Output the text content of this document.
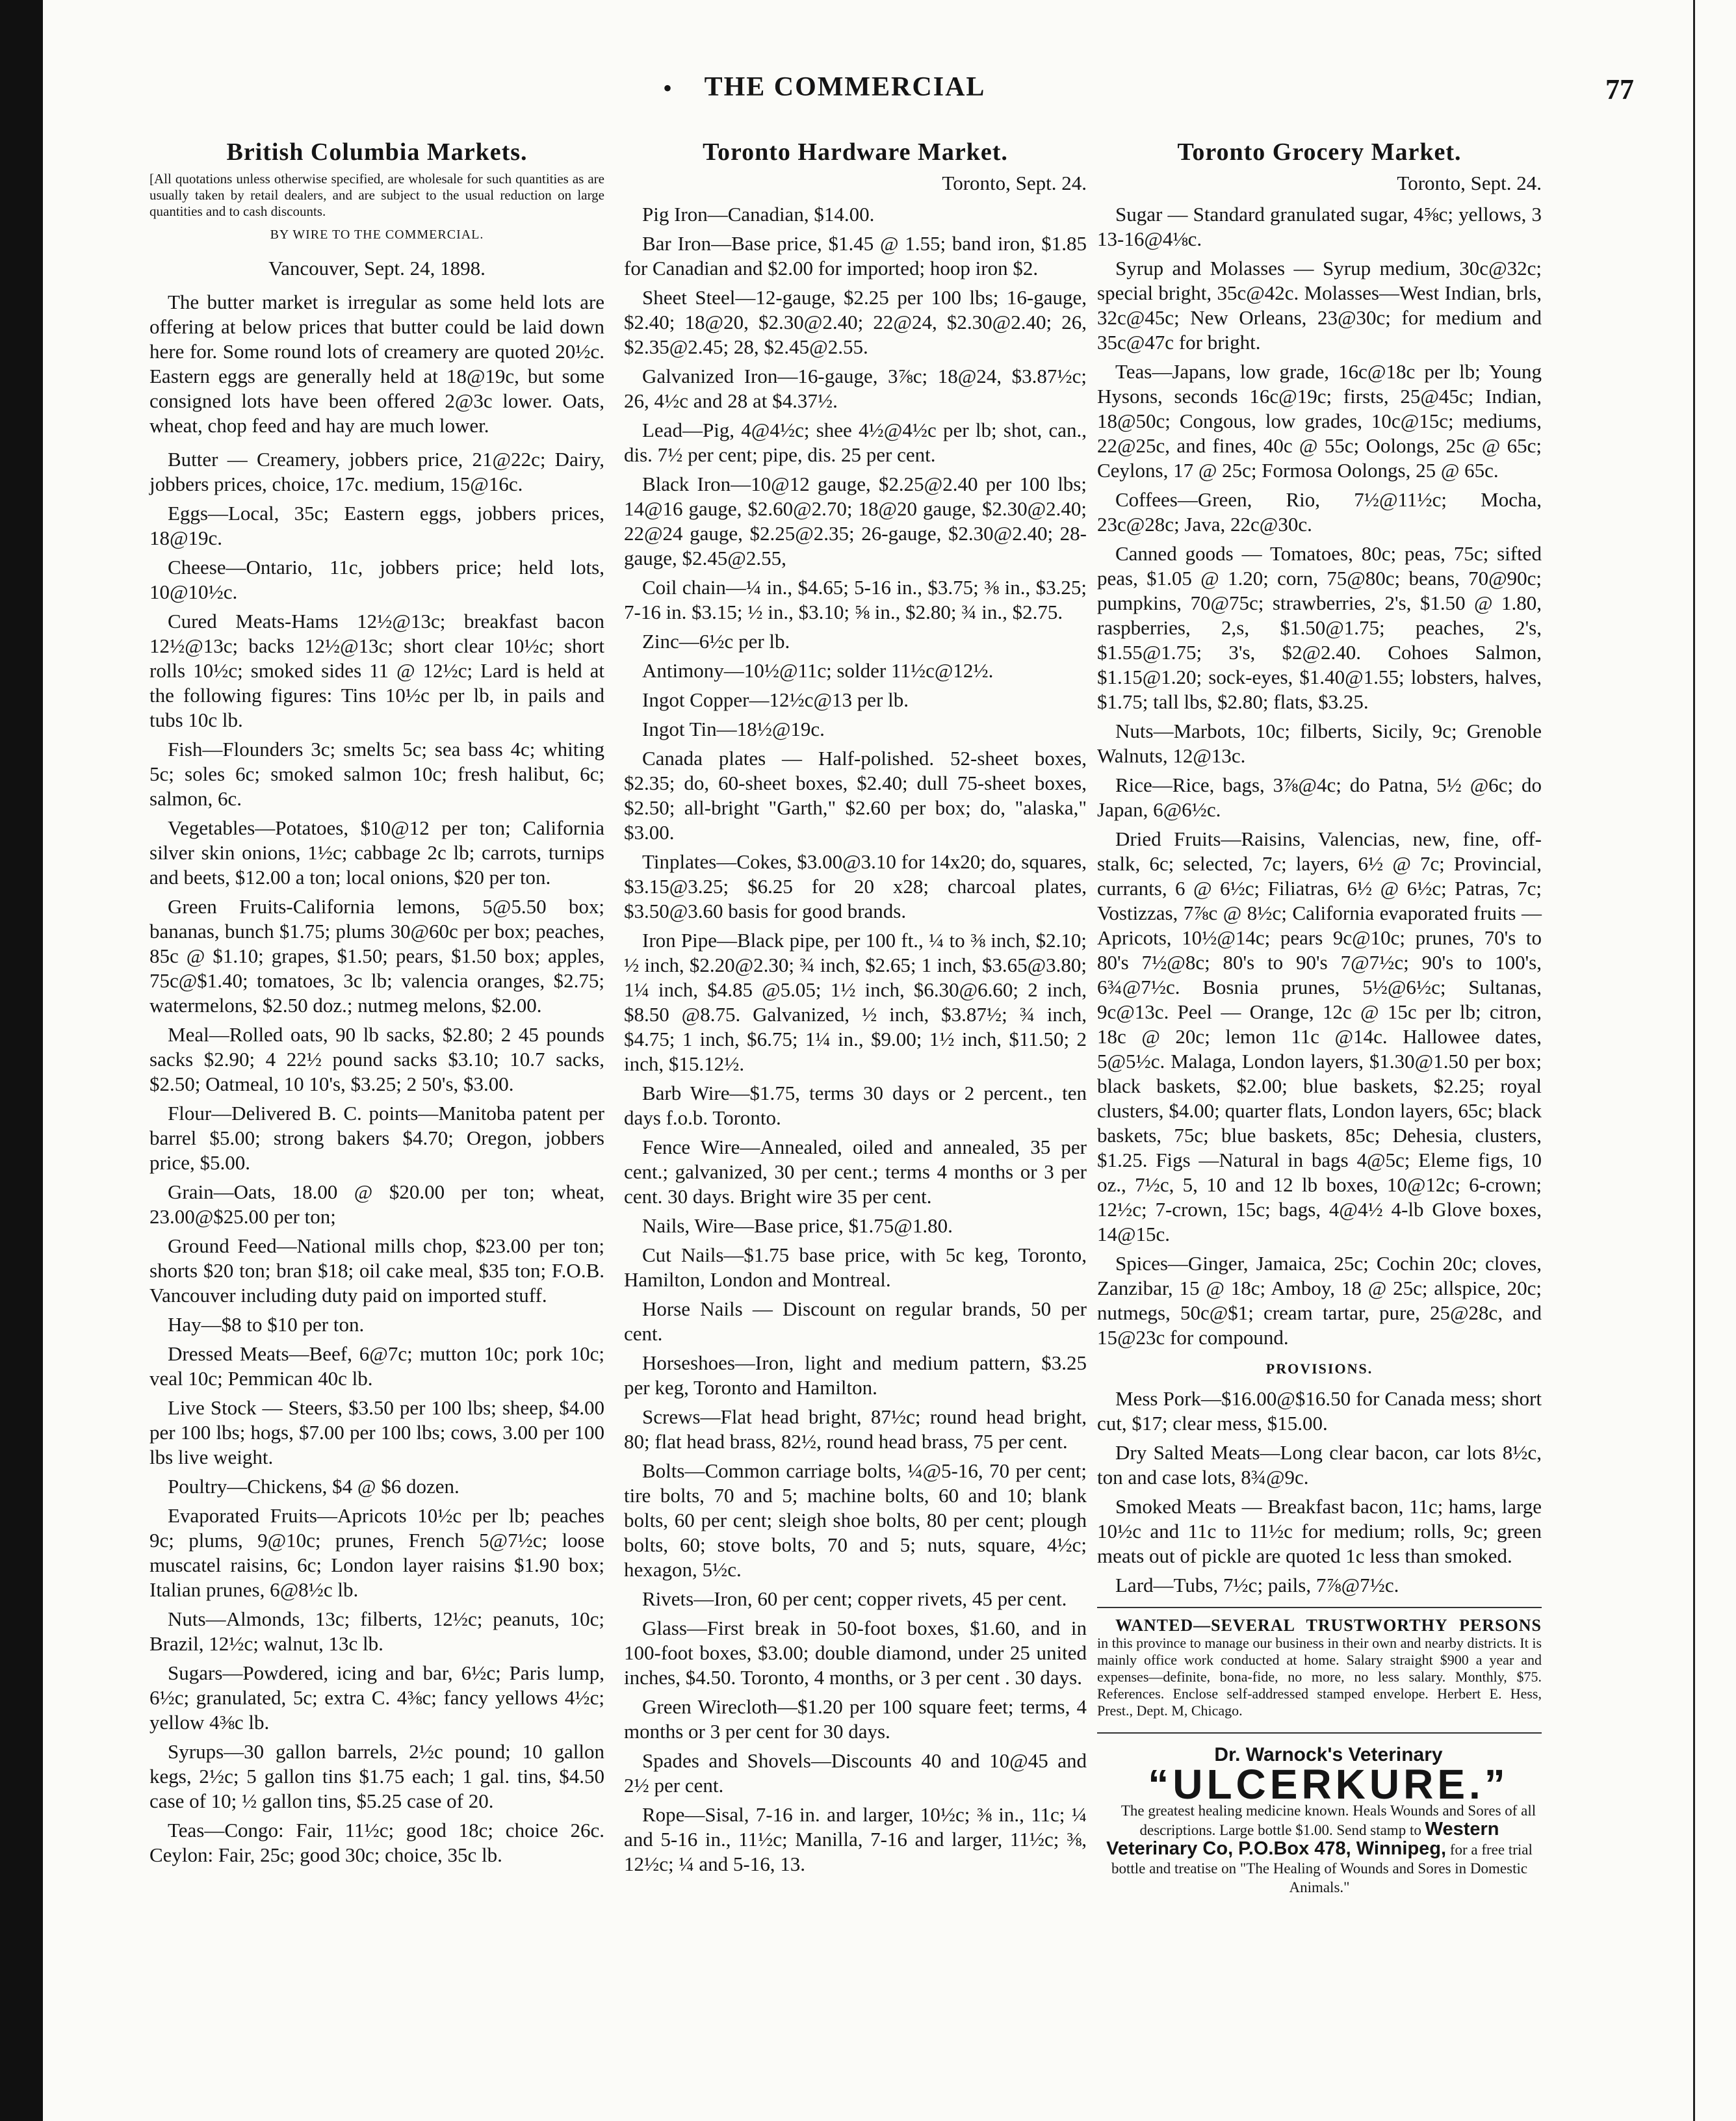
•	THE COMMERCIAL	77
British Columbia Markets.

[All quotations unless otherwise specified, are wholesale for such quantities as are usually taken by retail dealers, and are subject to the usual reduction on large quantities and to cash discounts.

BY WIRE TO THE COMMERCIAL.
Vancouver, Sept. 24, 1898.

The butter market is irregular as some held lots are offering at below prices that butter could be laid down here for. Some round lots of creamery are quoted 20½c. Eastern eggs are generally held at 18@19c, but some consigned lots have been offered 2@3c lower. Oats, wheat, chop feed and hay are much lower.

Butter — Creamery, jobbers price, 21@22c; Dairy, jobbers prices, choice, 17c. medium, 15@16c.

Eggs—Local, 35c; Eastern eggs, jobbers prices, 18@19c.

Cheese—Ontario, 11c, jobbers price; held lots, 10@10½c.

Cured Meats-Hams 12½@13c; breakfast bacon 12½@13c; backs 12½@13c; short clear 10½c; short rolls 10½c; smoked sides 11 @ 12½c; Lard is held at the following figures: Tins 10½c per lb, in pails and tubs 10c lb.

Fish—Flounders 3c; smelts 5c; sea bass 4c; whiting 5c; soles 6c; smoked salmon 10c; fresh halibut, 6c; salmon, 6c.

Vegetables—Potatoes, $10@12 per ton; California silver skin onions, 1½c; cabbage 2c lb; carrots, turnips and beets, $12.00 a ton; local onions, $20 per ton.

Green Fruits-California lemons, 5@5.50 box; bananas, bunch $1.75; plums 30@60c per box; peaches, 85c @ $1.10; grapes, $1.50; pears, $1.50 box; apples, 75c@$1.40; tomatoes, 3c lb; valencia oranges, $2.75; watermelons, $2.50 doz.; nutmeg melons, $2.00.

Meal—Rolled oats, 90 lb sacks, $2.80; 2 45 pounds sacks $2.90; 4 22½ pound sacks $3.10; 10.7 sacks, $2.50; Oatmeal, 10 10's, $3.25; 2 50's, $3.00.

Flour—Delivered B. C. points—Manitoba patent per barrel $5.00; strong bakers $4.70; Oregon, jobbers price, $5.00.

Grain—Oats, 18.00 @ $20.00 per ton; wheat, 23.00@$25.00 per ton;

Ground Feed—National mills chop, $23.00 per ton; shorts $20 ton; bran $18; oil cake meal, $35 ton; F.O.B. Vancouver including duty paid on imported stuff.

Hay—$8 to $10 per ton.

Dressed Meats—Beef, 6@7c; mutton 10c; pork 10c; veal 10c; Pemmican 40c lb.

Live Stock — Steers, $3.50 per 100 lbs; sheep, $4.00 per 100 lbs; hogs, $7.00 per 100 lbs; cows, 3.00 per 100 lbs live weight.

Poultry—Chickens, $4 @ $6 dozen.

Evaporated Fruits—Apricots 10½c per lb; peaches 9c; plums, 9@10c; prunes, French 5@7½c; loose muscatel raisins, 6c; London layer raisins $1.90 box; Italian prunes, 6@8½c lb.

Nuts—Almonds, 13c; filberts, 12½c; peanuts, 10c; Brazil, 12½c; walnut, 13c lb.

Sugars—Powdered, icing and bar, 6½c; Paris lump, 6½c; granulated, 5c; extra C. 4⅜c; fancy yellows 4½c; yellow 4⅜c lb.

Syrups—30 gallon barrels, 2½c pound; 10 gallon kegs, 2½c; 5 gallon tins $1.75 each; 1 gal. tins, $4.50 case of 10; ½ gallon tins, $5.25 case of 20.

Teas—Congo: Fair, 11½c; good 18c; choice 26c. Ceylon: Fair, 25c; good 30c; choice, 35c lb.

Toronto Hardware Market.
Toronto, Sept. 24.

Pig Iron—Canadian, $14.00.

Bar Iron—Base price, $1.45 @ 1.55; band iron, $1.85 for Canadian and $2.00 for imported; hoop iron $2.

Sheet Steel—12-gauge, $2.25 per 100 lbs; 16-gauge, $2.40; 18@20, $2.30@2.40; 22@24, $2.30@2.40; 26, $2.35@2.45; 28, $2.45@2.55.

Galvanized Iron—16-gauge, 3⅞c; 18@24, $3.87½c; 26, 4½c and 28 at $4.37½.

Lead—Pig, 4@4½c; shee 4½@4½c per lb; shot, can., dis. 7½ per cent; pipe, dis. 25 per cent.

Black Iron—10@12 gauge, $2.25@2.40 per 100 lbs; 14@16 gauge, $2.60@2.70; 18@20 gauge, $2.30@2.40; 22@24 gauge, $2.25@2.35; 26-gauge, $2.30@2.40; 28-gauge, $2.45@2.55,

Coil chain—¼ in., $4.65; 5-16 in., $3.75; ⅜ in., $3.25; 7-16 in. $3.15; ½ in., $3.10; ⅝ in., $2.80; ¾ in., $2.75.

Zinc—6½c per lb.

Antimony—10½@11c; solder 11½c@12½.

Ingot Copper—12½c@13 per lb.

Ingot Tin—18½@19c.

Canada plates — Half-polished. 52-sheet boxes, $2.35; do, 60-sheet boxes, $2.40; dull 75-sheet boxes, $2.50; all-bright "Garth," $2.60 per box; do, "alaska," $3.00.

Tinplates—Cokes, $3.00@3.10 for 14x20; do, squares, $3.15@3.25; $6.25 for 20 x28; charcoal plates, $3.50@3.60 basis for good brands.

Iron Pipe—Black pipe, per 100 ft., ¼ to ⅜ inch, $2.10; ½ inch, $2.20@2.30; ¾ inch, $2.65; 1 inch, $3.65@3.80; 1¼ inch, $4.85 @5.05; 1½ inch, $6.30@6.60; 2 inch, $8.50 @8.75. Galvanized, ½ inch, $3.87½; ¾ inch, $4.75; 1 inch, $6.75; 1¼ in., $9.00; 1½ inch, $11.50; 2 inch, $15.12½.

Barb Wire—$1.75, terms 30 days or 2 percent., ten days f.o.b. Toronto.

Fence Wire—Annealed, oiled and annealed, 35 per cent.; galvanized, 30 per cent.; terms 4 months or 3 per cent. 30 days. Bright wire 35 per cent.

Nails, Wire—Base price, $1.75@1.80.

Cut Nails—$1.75 base price, with 5c keg, Toronto, Hamilton, London and Montreal.

Horse Nails — Discount on regular brands, 50 per cent.

Horseshoes—Iron, light and medium pattern, $3.25 per keg, Toronto and Hamilton.

Screws—Flat head bright, 87½c; round head bright, 80; flat head brass, 82½, round head brass, 75 per cent.

Bolts—Common carriage bolts, ¼@5-16, 70 per cent; tire bolts, 70 and 5; machine bolts, 60 and 10; blank bolts, 60 per cent; sleigh shoe bolts, 80 per cent; plough bolts, 60; stove bolts, 70 and 5; nuts, square, 4½c; hexagon, 5½c.

Rivets—Iron, 60 per cent; copper rivets, 45 per cent.

Glass—First break in 50-foot boxes, $1.60, and in 100-foot boxes, $3.00; double diamond, under 25 united inches, $4.50. Toronto, 4 months, or 3 per cent . 30 days.

Green Wirecloth—$1.20 per 100 square feet; terms, 4 months or 3 per cent for 30 days.

Spades and Shovels—Discounts 40 and 10@45 and 2½ per cent.

Rope—Sisal, 7-16 in. and larger, 10½c; ⅜ in., 11c; ¼ and 5-16 in., 11½c; Manilla, 7-16 and larger, 11½c; ⅜, 12½c; ¼ and 5-16, 13.

Toronto Grocery Market.
Toronto, Sept. 24.

Sugar — Standard granulated sugar, 4⅝c; yellows, 3 13-16@4⅛c.

Syrup and Molasses — Syrup medium, 30c@32c; special bright, 35c@42c. Molasses—West Indian, brls, 32c@45c; New Orleans, 23@30c; for medium and 35c@47c for bright.

Teas—Japans, low grade, 16c@18c per lb; Young Hysons, seconds 16c@19c; firsts, 25@45c; Indian, 18@50c; Congous, low grades, 10c@15c; mediums, 22@25c, and fines, 40c @ 55c; Oolongs, 25c @ 65c; Ceylons, 17 @ 25c; Formosa Oolongs, 25 @ 65c.

Coffees—Green, Rio, 7½@11½c; Mocha, 23c@28c; Java, 22c@30c.

Canned goods — Tomatoes, 80c; peas, 75c; sifted peas, $1.05 @ 1.20; corn, 75@80c; beans, 70@90c; pumpkins, 70@75c; strawberries, 2's, $1.50 @ 1.80, raspberries, 2,s, $1.50@1.75; peaches, 2's, $1.55@1.75; 3's, $2@2.40. Cohoes Salmon, $1.15@1.20; sock-eyes, $1.40@1.55; lobsters, halves, $1.75; tall lbs, $2.80; flats, $3.25.

Nuts—Marbots, 10c; filberts, Sicily, 9c; Grenoble Walnuts, 12@13c.

Rice—Rice, bags, 3⅞@4c; do Patna, 5½ @6c; do Japan, 6@6½c.

Dried Fruits—Raisins, Valencias, new, fine, off-stalk, 6c; selected, 7c; layers, 6½ @ 7c; Provincial, currants, 6 @ 6½c; Filiatras, 6½ @ 6½c; Patras, 7c; Vostizzas, 7⅞c @ 8½c; California evaporated fruits — Apricots, 10½@14c; pears 9c@10c; prunes, 70's to 80's 7½@8c; 80's to 90's 7@7½c; 90's to 100's, 6¾@7½c. Bosnia prunes, 5½@6½c; Sultanas, 9c@13c. Peel — Orange, 12c @ 15c per lb; citron, 18c @ 20c; lemon 11c @14c. Hallowee dates, 5@5½c. Malaga, London layers, $1.30@1.50 per box; black baskets, $2.00; blue baskets, $2.25; royal clusters, $4.00; quarter flats, London layers, 65c; black baskets, 75c; blue baskets, 85c; Dehesia, clusters, $1.25. Figs —Natural in bags 4@5c; Eleme figs, 10 oz., 7½c, 5, 10 and 12 lb boxes, 10@12c; 6-crown; 12½c; 7-crown, 15c; bags, 4@4½ 4-lb Glove boxes, 14@15c.

Spices—Ginger, Jamaica, 25c; Cochin 20c; cloves, Zanzibar, 15 @ 18c; Amboy, 18 @ 25c; allspice, 20c; nutmegs, 50c@$1; cream tartar, pure, 25@28c, and 15@23c for compound.

PROVISIONS.

Mess Pork—$16.00@$16.50 for Canada mess; short cut, $17; clear mess, $15.00.

Dry Salted Meats—Long clear bacon, car lots 8½c, ton and case lots, 8¾@9c.

Smoked Meats — Breakfast bacon, 11c; hams, large 10½c and 11c to 11½c for medium; rolls, 9c; green meats out of pickle are quoted 1c less than smoked.

Lard—Tubs, 7½c; pails, 7⅞@7½c.

WANTED—SEVERAL TRUSTWORTHY PERSONS in this province to manage our business in their own and nearby districts. It is mainly office work conducted at home. Salary straight $900 a year and expenses—definite, bona-fide, no more, no less salary. Monthly, $75. References. Enclose self-addressed stamped envelope. Herbert E. Hess, Prest., Dept. M, Chicago.

Dr. Warnock's Veterinary

“ULCERKURE.”

The greatest healing medicine known. Heals Wounds and Sores of all descriptions. Large bottle $1.00. Send stamp to Western Veterinary Co, P.O.Box 478, Winnipeg, for a free trial bottle and treatise on "The Healing of Wounds and Sores in Domestic Animals."
